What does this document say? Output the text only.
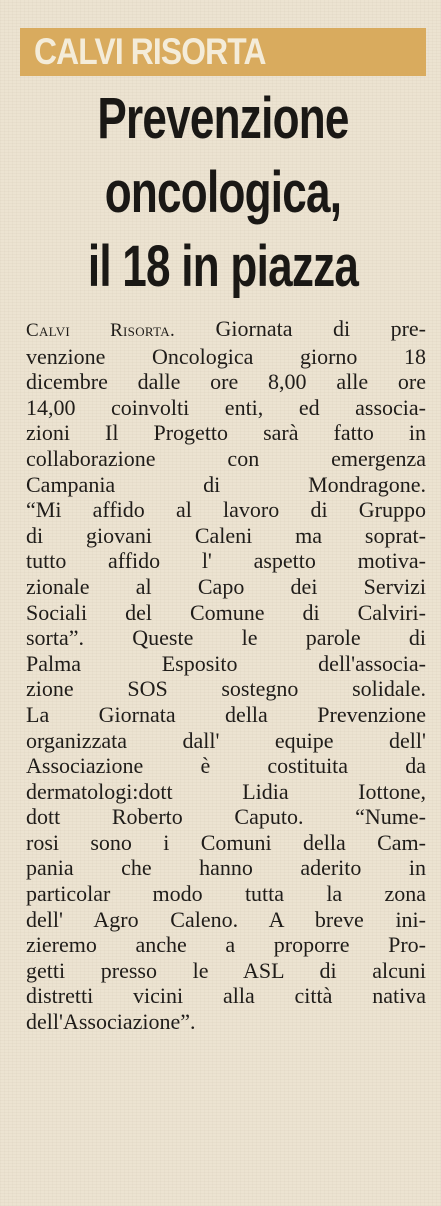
CALVI RISORTA
Prevenzione
oncologica,
il 18 in piazza
Calvi Risorta. Giornata di pre-
venzione Oncologica giorno 18
dicembre dalle ore 8,00 alle ore
14,00 coinvolti enti, ed associa-
zioni Il Progetto sarà fatto in
collaborazione con emergenza
Campania di Mondragone.
“Mi affido al lavoro di Gruppo
di giovani Caleni ma soprat-
tutto affido l' aspetto motiva-
zionale al Capo dei Servizi
Sociali del Comune di Calviri-
sorta”. Queste le parole di
Palma Esposito dell'associa-
zione SOS sostegno solidale.
La Giornata della Prevenzione
organizzata dall' equipe dell'
Associazione è costituita da
dermatologi:dott Lidia Iottone,
dott Roberto Caputo. “Nume-
rosi sono i Comuni della Cam-
pania che hanno aderito in
particolar modo tutta la zona
dell' Agro Caleno. A breve ini-
zieremo anche a proporre Pro-
getti presso le ASL di alcuni
distretti vicini alla città nativa
dell'Associazione”.
